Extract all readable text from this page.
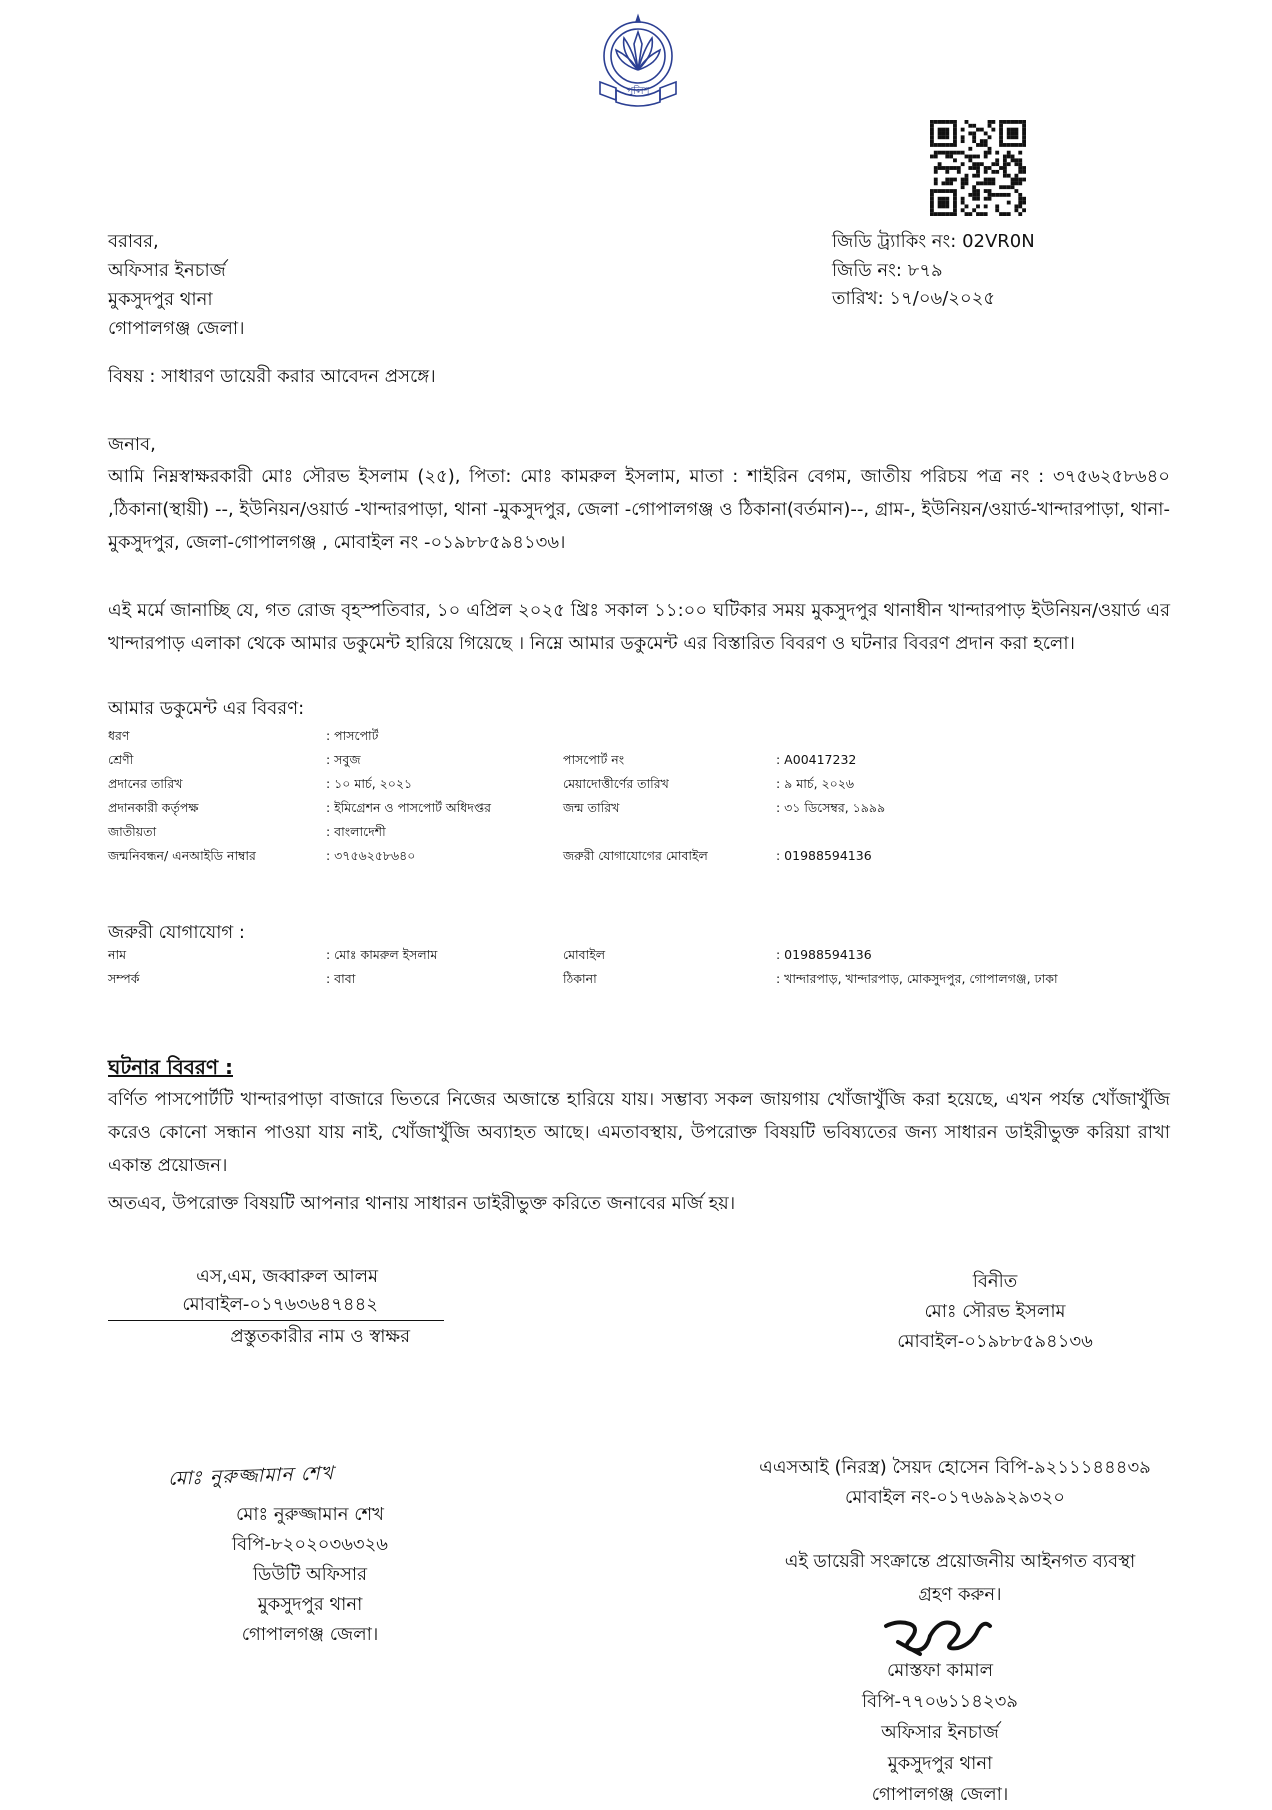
পুলিশ
জিডি ট্র্যাকিং নং: 02VR0N
জিডি নং: ৮৭৯
তারিখ: ১৭/০৬/২০২৫
বরাবর,
অফিসার ইনচার্জ
মুকসুদপুর থানা
গোপালগঞ্জ জেলা।
বিষয় : সাধারণ ডায়েরী করার আবেদন প্রসঙ্গে।
জনাব,
আমি নিম্নস্বাক্ষরকারী মোঃ সৌরভ ইসলাম (২৫), পিতা: মোঃ কামরুল ইসলাম, মাতা : শাইরিন বেগম, জাতীয় পরিচয় পত্র নং : ৩৭৫৬২৫৮৬৪০ ,ঠিকানা(স্থায়ী) --, ইউনিয়ন/ওয়ার্ড -খান্দারপাড়া, থানা -মুকসুদপুর, জেলা -গোপালগঞ্জ ও ঠিকানা(বর্তমান)--, গ্রাম-, ইউনিয়ন/ওয়ার্ড-খান্দারপাড়া, থানা-মুকসুদপুর, জেলা-গোপালগঞ্জ , মোবাইল নং -০১৯৮৮৫৯৪১৩৬।
এই মর্মে জানাচ্ছি যে, গত রোজ বৃহস্পতিবার, ১০ এপ্রিল ২০২৫ খ্রিঃ সকাল ১১:০০ ঘটিকার সময় মুকসুদপুর থানাধীন খান্দারপাড় ইউনিয়ন/ওয়ার্ড এর খান্দারপাড় এলাকা থেকে আমার ডকুমেন্ট হারিয়ে গিয়েছে । নিম্নে আমার ডকুমেন্ট এর বিস্তারিত বিবরণ ও ঘটনার বিবরণ প্রদান করা হলো।
আমার ডকুমেন্ট এর বিবরণ:
ধরণ	: পাসপোর্ট
শ্রেণী	: সবুজ	পাসপোর্ট নং	: A00417232
প্রদানের তারিখ	: ১০ মার্চ, ২০২১	মেয়াদোত্তীর্ণের তারিখ	: ৯ মার্চ, ২০২৬
প্রদানকারী কর্তৃপক্ষ	: ইমিগ্রেশন ও পাসপোর্ট অধিদপ্তর	জন্ম তারিখ	: ৩১ ডিসেম্বর, ১৯৯৯
জাতীয়তা	: বাংলাদেশী
জন্মনিবন্ধন/ এনআইডি নাম্বার	: ৩৭৫৬২৫৮৬৪০	জরুরী যোগাযোগের মোবাইল	: 01988594136
জরুরী যোগাযোগ :
নাম	: মোঃ কামরুল ইসলাম	মোবাইল	: 01988594136
সম্পর্ক	: বাবা	ঠিকানা	: খান্দারপাড়, খান্দারপাড়, মোকসুদপুর, গোপালগঞ্জ, ঢাকা
ঘটনার বিবরণ :
বর্ণিত পাসপোর্টটি খান্দারপাড়া বাজারে ভিতরে নিজের অজান্তে হারিয়ে যায়। সম্ভাব্য সকল জায়গায় খোঁজাখুঁজি করা হয়েছে, এখন পর্যন্ত খোঁজাখুঁজি করেও কোনো সন্ধান পাওয়া যায় নাই, খোঁজাখুঁজি অব্যাহত আছে। এমতাবস্থায়, উপরোক্ত বিষয়টি ভবিষ্যতের জন্য সাধারন ডাইরীভুক্ত করিয়া রাখা একান্ত প্রয়োজন।
অতএব, উপরোক্ত বিষয়টি আপনার থানায় সাধারন ডাইরীভুক্ত করিতে জনাবের মর্জি হয়।
এস,এম, জব্বারুল আলম
মোবাইল-০১৭৬৩৬৪৭৪৪২
প্রস্তুতকারীর নাম ও স্বাক্ষর
বিনীত
মোঃ সৌরভ ইসলাম
মোবাইল-০১৯৮৮৫৯৪১৩৬
মোঃ নুরুজ্জামান শেখ
মোঃ নুরুজ্জামান শেখ
বিপি-৮২০২০৩৬৩২৬
ডিউটি অফিসার
মুকসুদপুর থানা
গোপালগঞ্জ জেলা।
এএসআই (নিরস্ত্র) সৈয়দ হোসেন বিপি-৯২১১১৪৪৪৩৯
মোবাইল নং-০১৭৬৯৯২৯৩২০
এই ডায়েরী সংক্রান্তে প্রয়োজনীয় আইনগত ব্যবস্থা
গ্রহণ করুন।
মোস্তফা কামাল
বিপি-৭৭০৬১১৪২৩৯
অফিসার ইনচার্জ
মুকসুদপুর থানা
গোপালগঞ্জ জেলা।
